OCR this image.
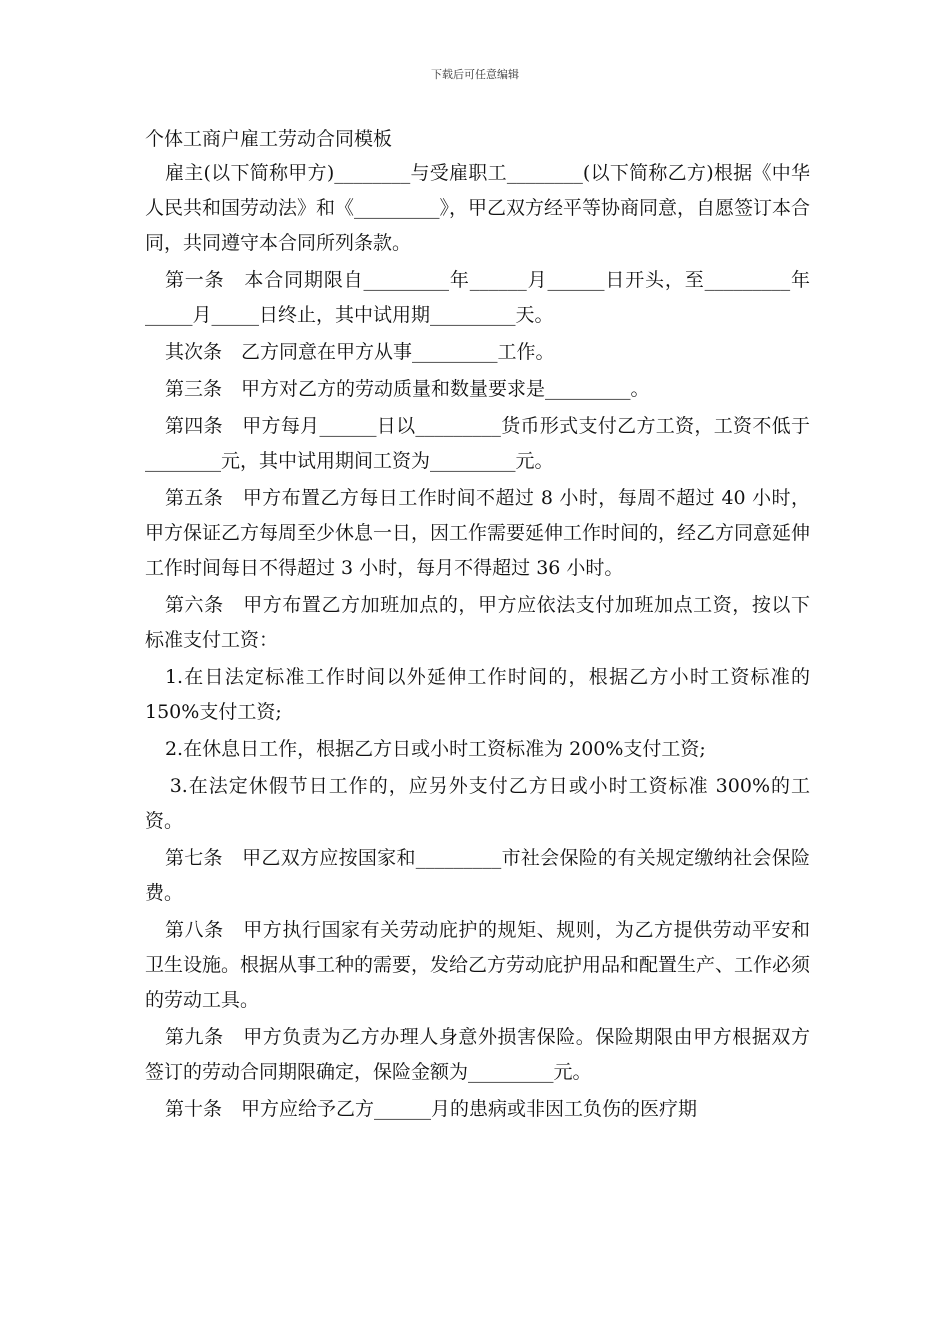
下载后可任意编辑
个体工商户雇工劳动合同模板
雇主(以下简称甲方)________与受雇职工________(以下简称乙方)根据《中华人民共和国劳动法》和《_________》，甲乙双方经平等协商同意，自愿签订本合同，共同遵守本合同所列条款。
第一条　本合同期限自_________年______月______日开头，至_________年_____月_____日终止，其中试用期_________天。
其次条　乙方同意在甲方从事_________工作。
第三条　甲方对乙方的劳动质量和数量要求是_________。
第四条　甲方每月______日以_________货币形式支付乙方工资，工资不低于________元，其中试用期间工资为_________元。
第五条　甲方布置乙方每日工作时间不超过 8 小时，每周不超过 40 小时，甲方保证乙方每周至少休息一日，因工作需要延伸工作时间的，经乙方同意延伸工作时间每日不得超过 3 小时，每月不得超过 36 小时。
第六条　甲方布置乙方加班加点的，甲方应依法支付加班加点工资，按以下标准支付工资：
1.在日法定标准工作时间以外延伸工作时间的，根据乙方小时工资标准的 150%支付工资;
2.在休息日工作，根据乙方日或小时工资标准为 200%支付工资;
3.在法定休假节日工作的，应另外支付乙方日或小时工资标准 300%的工资。
第七条　甲乙双方应按国家和_________市社会保险的有关规定缴纳社会保险费。
第八条　甲方执行国家有关劳动庇护的规矩、规则，为乙方提供劳动平安和卫生设施。根据从事工种的需要，发给乙方劳动庇护用品和配置生产、工作必须的劳动工具。
第九条　甲方负责为乙方办理人身意外损害保险。保险期限由甲方根据双方签订的劳动合同期限确定，保险金额为_________元。
第十条　甲方应给予乙方______月的患病或非因工负伤的医疗期
